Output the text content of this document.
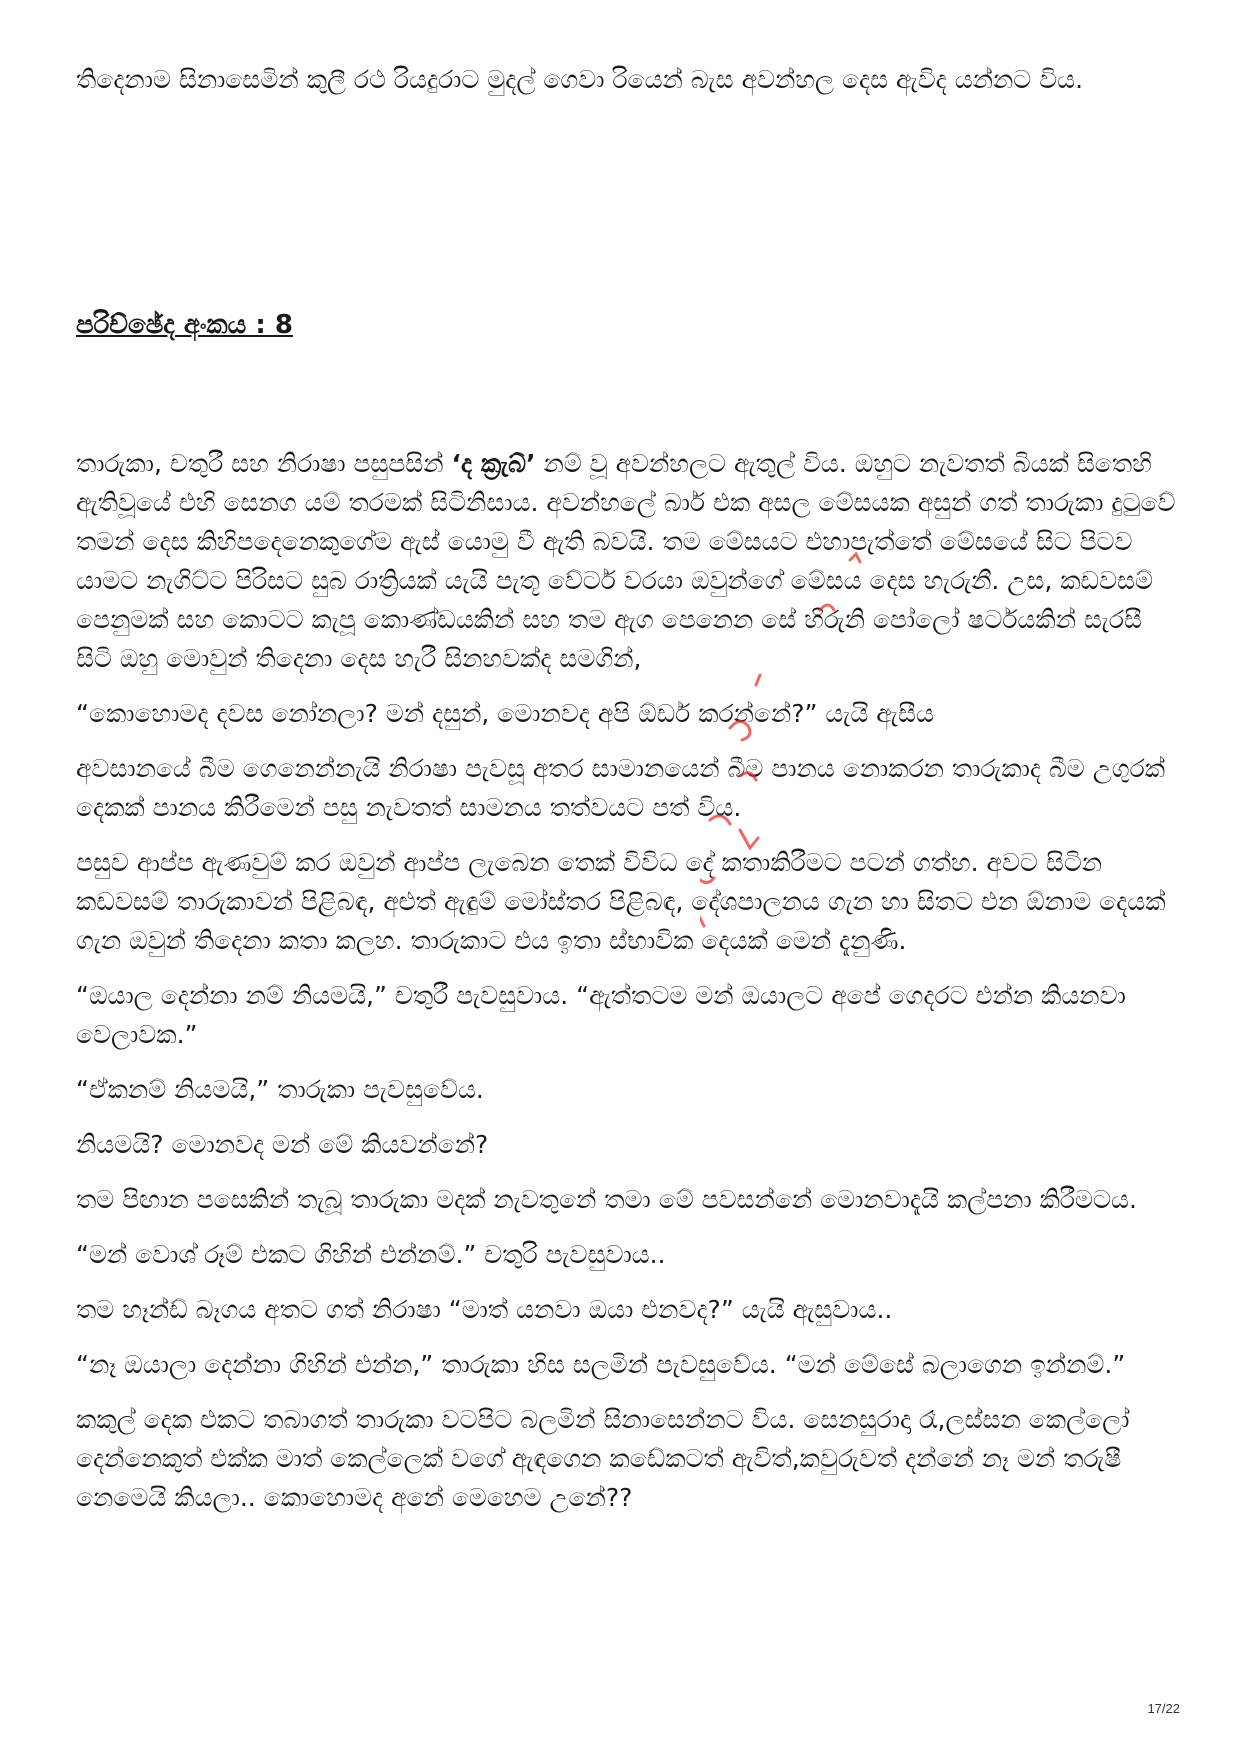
තිදෙනාම සිනාසෙමින් කුලී රථ රියදුරාට මුදල් ගෙවා රියෙන් බැස අවන්හල දෙස ඇවිද යන්නට විය.

පරිච්ඡේද අංකය : 8

තාරුකා, චතුරී සහ නිරාෂා පසුපසින් ‘ද ක්‍රැබ්’ නම් වූ අවන්හලට ඇතුල් විය. ඔහුට නැවතත් බියක් සිතෙහි ඇතිවූයේ එහි සෙනග යම් තරමක් සිටිනිසාය. අවන්හලේ බාර් එක අසල මේසයක අසුන් ගත් තාරුකා දුටුවේ තමන් දෙස කිහිපදෙනෙකුගේම ඇස් යොමු වී ඇති බවයි. තම මේසයට එහාපැත්තේ මේසයේ සිට පිටව යාමට නැගිට්ට පිරිසට සුබ රාත්‍රියක් යැයි පැතූ වේටර් වරයා ඔවුන්ගේ මේසය දෙස හැරුනී. උස, කඩවසම් පෙනුමක් සහ කොටට කැපූ කොණ්ඩයකින් සහ තම ඇග පෙනෙන සේ හිරුනි පෝලෝ ෂර්ටයකින් සැරසී සිටි ඔහු මොවුන් තිදෙනා දෙස හැරී සිනහවක්ද සමගින්,

“කොහොමද දවස නෝනලා? මන් දසුන්, මොනවද අපි ඕඩර් කරන්නේ?” යැයි ඇසීය

අවසානයේ බීම ගෙනෙන්නැයි නිරාෂා පැවසූ අතර සාමානයෙන් බීම පානය නොකරන තාරුකාද බීම උගුරක් දෙකක් පානය කිරීමෙන් පසු නැවතත් සාමනය තත්වයට පත් විය.

පසුව ආප්ප ඇණවුම් කර ඔවුන් ආප්ප ලැබෙන තෙක් විවිධ දේ කතාකිරීමට පටන් ගත්හ. අවට සිටින කඩවසම් තාරුකාවන් පිළිබඳ, අළුත් ඇඳුම් මෝස්තර පිළිබඳ, දේශපාලනය ගැන හා සිතට එන ඕනාම දෙයක් ගැන ඔවුන් තිදෙනා කතා කලහ. තාරුකාට එය ඉතා ස්භාවික දෙයක් මෙන් දැනුණි.

“ඔයාල දෙන්නා නම් නියමයි,” චතුරී පැවසුවාය. “ඇත්තටම මන් ඔයාලට අපේ ගෙදරට එන්න කියනවා වෙලාවක.”

“ඒකනම් නියමයි,” තාරුකා පැවසුවේය.

නියමයි? මොනවද මන් මේ කියවන්නේ?

තම පිඟාන පසෙකින් තැබූ තාරුකා මදක් නැවතුනේ තමා මේ පවසන්නේ මොනවාදැයි කල්පනා කිරීමටය.

“මන් වොශ් රූම් එකට ගිහින් එන්නම්.” චතුරි පැවසුවාය..

තම හෑන්ඩ් බෑගය අතට ගත් නිරාෂා “මාත් යනවා ඔයා එනවද?” යැයි ඇසුවාය..

“නෑ ඔයාලා දෙන්නා ගිහින් එන්න,” තාරුකා හිස සලමින් පැවසුවේය. “මන් මේසේ බලාගෙන ඉන්නම්.”

කකුල් දෙක එකට තබාගත් තාරුකා වටපිට බලමින් සිනාසෙන්නට විය. සෙනසුරාදා රෑ,ලස්සන කෙල්ලෝ දෙන්නෙකුත් එක්ක මාත් කෙල්ලෙක් වගේ ඇඳගෙන කඩේකටත් ඇවිත්,කවුරුවත් දන්නේ නෑ මන් තරුෂී නෙමෙයි කියලා.. කොහොමද අනේ මෙහෙම උනේ??

17/22
